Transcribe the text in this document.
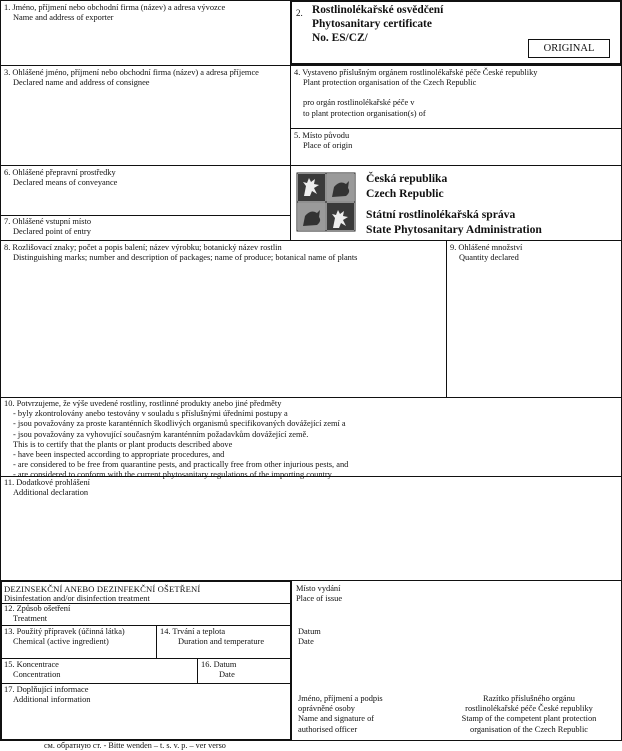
1. Jméno, příjmení nebo obchodní firma (název) a adresa vývozce
Name and address of exporter	2. Rostlinolékařské osvědčení
Phytosanitary certificate
No. ES/CZ/
ORIGINAL
3. Ohlášené jméno, příjmení nebo obchodní firma (název) a adresa příjemce
Declared name and address of consignee
4. Vystaveno příslušným orgánem rostlinolékařské péče České republiky
Plant protection organisation of the Czech Republic
pro orgán rostlinolékařské péče v
to plant protection organisation(s) of
5. Místo původu
Place of origin
6. Ohlášené přepravní prostředky
Declared means of conveyance
7. Ohlášené vstupní místo
Declared point of entry
Česká republika
Czech Republic
Státní rostlinolékařská správa
State Phytosanitary Administration
8. Rozlišovací znaky; počet a popis balení; název výrobku; botanický název rostlin
Distinguishing marks; number and description of packages; name of produce; botanical name of plants
9. Ohlášené množství
Quantity declared
10. Potvrzujeme, že výše uvedené rostliny, rostlinné produkty anebo jiné předměty
- byly zkontrolovány anebo testovány v souladu s příslušnými úředními postupy a
- jsou považovány za proste karanténních škodlivých organismů specifikovaných dovážející zemí a
- jsou považovány za vyhovující současným karanténním požadavkům dovážející země.
This is to certify that the plants or plant products described above
- have been inspected according to appropriate procedures, and
- are considered to be free from quarantine pests, and practically free from other injurious pests, and
- are considered to conform with the current phytosanitary regulations of the importing country.
11. Dodatkové prohlášení
Additional declaration
DEZINSEKČNÍ ANEBO DEZINFEKČNÍ OŠETŘENÍ
Disinfestation and/or disinfection treatment
12. Způsob ošetření
Treatment
13. Použitý přípravek (účinná látka)
Chemical (active ingredient)
14. Trvání a teplota
Duration and temperature
15. Koncentrace
Concentration
16. Datum
Date
17. Doplňující informace
Additional information
Místo vydání
Place of issue
Datum
Date
Jméno, příjmení a podpis
oprávněné osoby
Name and signature of
authorised officer
Razítko příslušného orgánu
rostlinolékařské péče České republiky
Stamp of the competent plant protection
organisation of the Czech Republic
см. обратную ст. - Bitte wenden – t. s. v. p. – ver verso
